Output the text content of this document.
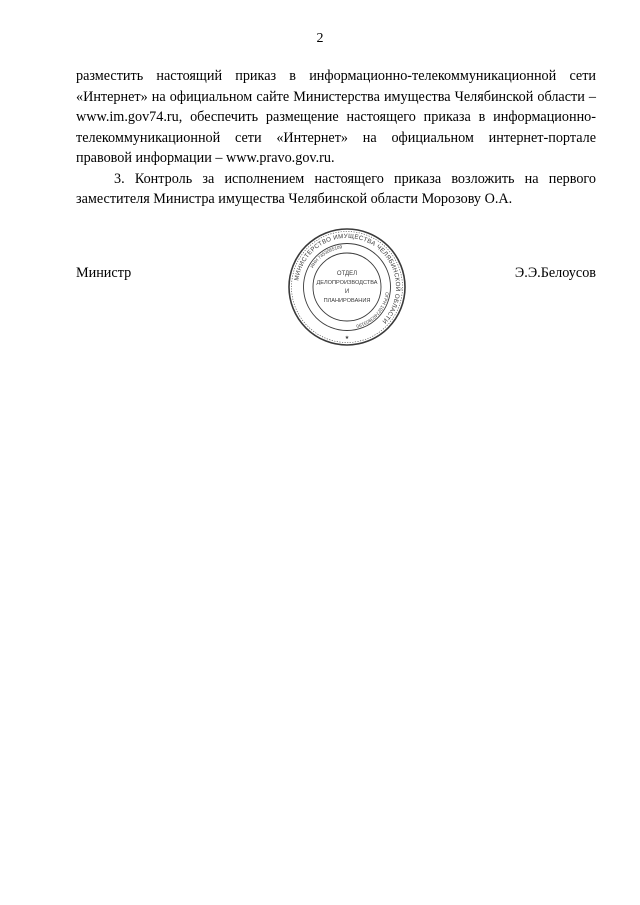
2

разместить настоящий приказ в информационно-телекоммуникационной сети «Интернет» на официальном сайте Министерства имущества Челябинской области – www.im.gov74.ru, обеспечить размещение настоящего приказа в информационно-телекоммуникационной сети «Интернет» на официальном интернет-портале правовой информации – www.pravo.gov.ru.

3. Контроль за исполнением настоящего приказа возложить на первого заместителя Министра имущества Челябинской области Морозову О.А.

Министр	Э.Э.Белоусов
МИНИСТЕРСТВО ИМУЩЕСТВА ЧЕЛЯБИНСКОЙ ОБЛАСТИ
ИНН 7453065109
ОГРН 1027403903190
ОТДЕЛ
ДЕЛОПРОИЗВОДСТВА
И
ПЛАНИРОВАНИЯ
★
